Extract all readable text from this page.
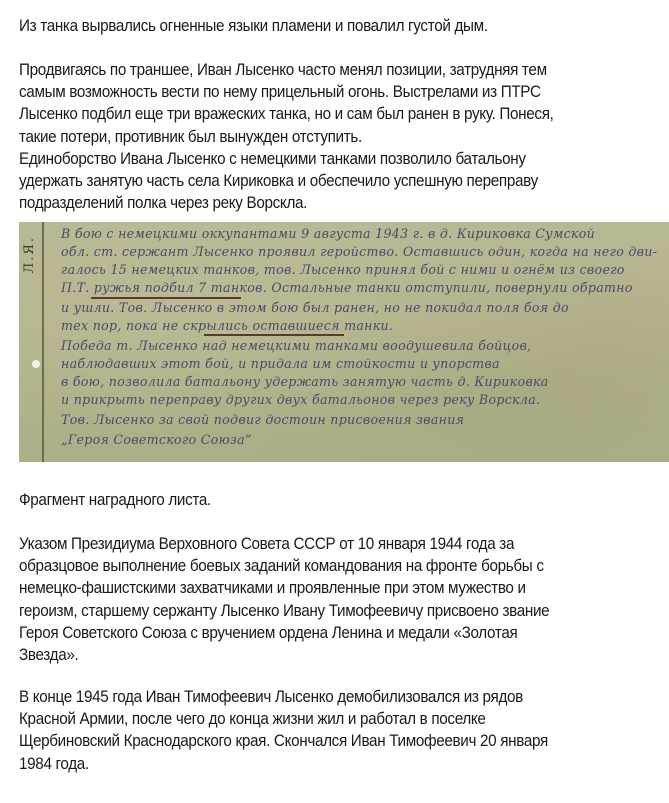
Из танка вырвались огненные языки пламени и повалил густой дым.

Продвигаясь по траншее, Иван Лысенко часто менял позиции, затрудняя тем

самым возможность вести по нему прицельный огонь. Выстрелами из ПТРС

Лысенко подбил еще три вражеских танка, но и сам был ранен в руку. Понеся,

такие потери, противник был вынужден отступить.

Единоборство Ивана Лысенко с немецкими танками позволило батальону

удержать занятую часть села Кириковка и обеспечило успешную переправу

подразделений полка через реку Ворскла.

Л.Я.
В бою с немецкими оккупантами 9 августа 1943 г. в д. Кириковка Сумской
обл. ст. сержант Лысенко проявил геройство. Оставшись один, когда на него дви-
галось 15 немецких танков, тов. Лысенко принял бой с ними и огнём из своего
П.Т. ружья подбил 7 танков. Остальные танки отступили, повернули обратно
и ушли. Тов. Лысенко в этом бою был ранен, но не покидал поля боя до
тех пор, пока не скрылись оставшиеся танки.
Победа т. Лысенко над немецкими танками воодушевила бойцов,
наблюдавших этот бой, и придала им стойкости и упорства
в бою, позволила батальону удержать занятую часть д. Кириковка
и прикрыть переправу других двух батальонов через реку Ворскла.
Тов. Лысенко за свой подвиг достоин присвоения звания
„Героя Советского Союза“

Фрагмент наградного листа.

Указом Президиума Верховного Совета СССР от 10 января 1944 года за

образцовое выполнение боевых заданий командования на фронте борьбы с

немецко-фашистскими захватчиками и проявленные при этом мужество и

героизм, старшему сержанту Лысенко Ивану Тимофеевичу присвоено звание

Героя Советского Союза с вручением ордена Ленина и медали «Золотая

Звезда».

В конце 1945 года Иван Тимофеевич Лысенко демобилизовался из рядов

Красной Армии, после чего до конца жизни жил и работал в поселке

Щербиновский Краснодарского края. Скончался Иван Тимофеевич 20 января

1984 года.
